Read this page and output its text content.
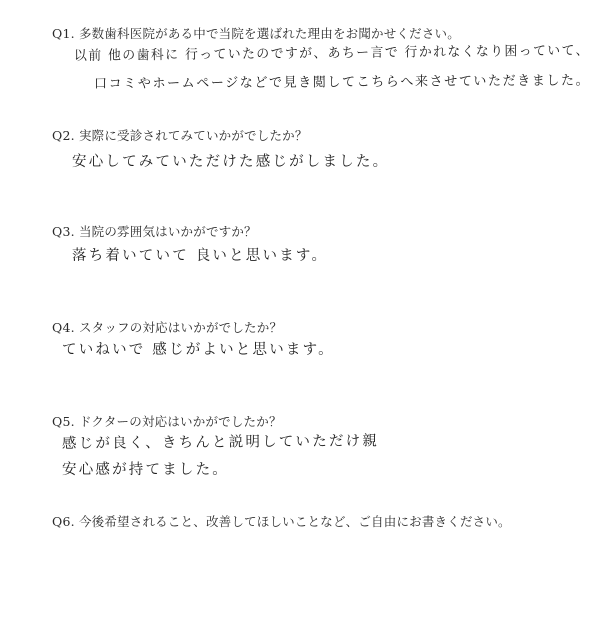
Q1. 多数歯科医院がある中で当院を選ばれた理由をお聞かせください。
以前 他の歯科に 行っていたのですが、あちー言で 行かれなくなり困っていて、
口コミやホームページなどで見き閲してこちらへ来させていただきました。
Q2. 実際に受診されてみていかがでしたか？
安心してみていただけた感じがしました。
Q3. 当院の雰囲気はいかがですか？
落ち着いていて 良いと思います。
Q4. スタッフの対応はいかがでしたか？
ていねいで 感じがよいと思います。
Q5. ドクターの対応はいかがでしたか？
感じが良く、きちんと説明していただけ親
安心感が持てました。
Q6. 今後希望されること、改善してほしいことなど、ご自由にお書きください。
